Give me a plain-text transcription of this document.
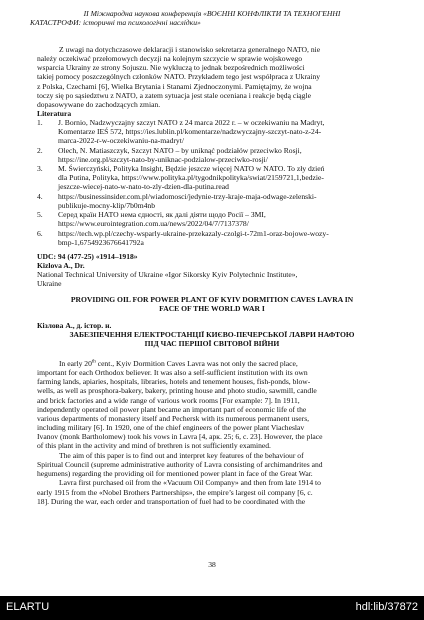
ІІ Міжнародна наукова конференція «ВОЄННІ КОНФЛІКТИ ТА ТЕХНОГЕННІ
КАТАСТРОФИ: історичні та психологічні наслідки»
Z uwagi na dotychczasowe deklaracji i stanowisko sekretarza generalnego NATO, nie
należy oczekiwać przełomowych decyzji na kolejnym szczycie w sprawie wojskowego
wsparcia Ukrainy ze strony Sojuszu. Nie wykluczą to jednak bezpośrednich możliwości
takiej pomocy poszczególnych członków NATO. Przykładem tego jest współpraca z Ukrainy
z Polska, Czechami [6], Wielka Brytania i Stanami Zjednoczonymi. Pamiętajmy, że wojna
toczy się po sąsiedztwu z NATO, a zatem sytuacja jest stale oceniana i reakcje będą ciągle
dopasowywane do zachodzących zmian.
Literatura
1. J. Bornio, Nadzwyczajny szczyt NATO z 24 marca 2022 r. – w oczekiwaniu na Madryt,
Komentarze IEŚ 572, https://ies.lublin.pl/komentarze/nadzwyczajny-szczyt-nato-z-24-
marca-2022-r-w-oczekiwaniu-na-madryt/
2. Olech, N. Matiaszczyk, Szczyt NATO – by uniknąć podziałów przeciwko Rosji,
https://ine.org.pl/szczyt-nato-by-uniknac-podzialow-przeciwko-rosji/
3. M. Świerczyński, Polityka Insight, Będzie jeszcze więcej NATO w NATO. To zły dzień
dla Putina, Polityka, https://www.polityka.pl/tygodnikpolityka/swiat/2159721,1,bedzie-
jeszcze-wiecej-nato-w-nato-to-zly-dzien-dla-putina.read
4. https://businessinsider.com.pl/wiadomosci/jedynie-trzy-kraje-maja-odwage-zelenski-
publikuje-mocny-klip/7b0m4nb
5. Серед країн НАТО нема єдності, як далі діяти щодо Росії – ЗМІ,
https://www.eurointegration.com.ua/news/2022/04/7/7137378/
6. https://tech.wp.pl/czechy-wsparly-ukraine-przekazaly-czolgi-t-72m1-oraz-bojowe-wozy-
bmp-1,6754923676641792a
UDC: 94 (477-25) «1914–1918»
Kizlova A., Dr.
National Technical University of Ukraine «Igor Sikorsky Kyiv Polytechnic Institute»,
Ukraine
PROVIDING OIL FOR POWER PLANT OF KYIV DORMITION CAVES LAVRA IN
FACE OF THE WORLD WAR I
Кізлова А., д. істор. н.
ЗАБЕЗПЕЧЕННЯ ЕЛЕКТРОСТАНЦІЇ КИЄВО-ПЕЧЕРСЬКОЇ ЛАВРИ НАФТОЮ
ПІД ЧАС ПЕРШОЇ СВІТОВОЇ ВІЙНИ
In early 20th cent., Kyiv Dormition Caves Lavra was not only the sacred place,
important for each Orthodox believer. It was also a self-sufficient institution with its own
farming lands, apiaries, hospitals, libraries, hotels and tenement houses, fish-ponds, blow-
wells, as well as prosphora-bakery, bakery, printing house and photo studio, sawmill, candle
and brick factories and a wide range of various work rooms [For example: 7]. In 1911,
independently operated oil power plant became an important part of economic life of the
various departments of monastery itself and Pechersk with its numerous permanent users,
including military [6]. In 1920, one of the chief engineers of the power plant Viacheslav
Ivanov (monk Bartholomew) took his vows in Lavra [4, арк. 25; 6, с. 23]. However, the place
of this plant in the activity and mind of brethren is not sufficiently examined.
The aim of this paper is to find out and interpret key features of the behaviour of
Spiritual Council (supreme administrative authority of Lavra consisting of archimandrites and
hegumens) regarding the providing oil for mentioned power plant in face of the Great War.
Lavra first purchased oil from the «Vacuum Oil Company» and then from late 1914 to
early 1915 from the «Nobel Brothers Partnerships», the empire’s largest oil company [6, с.
18]. During the war, each order and transportation of fuel had to be coordinated with the
38
ELARTU	hdl:lib/37872
